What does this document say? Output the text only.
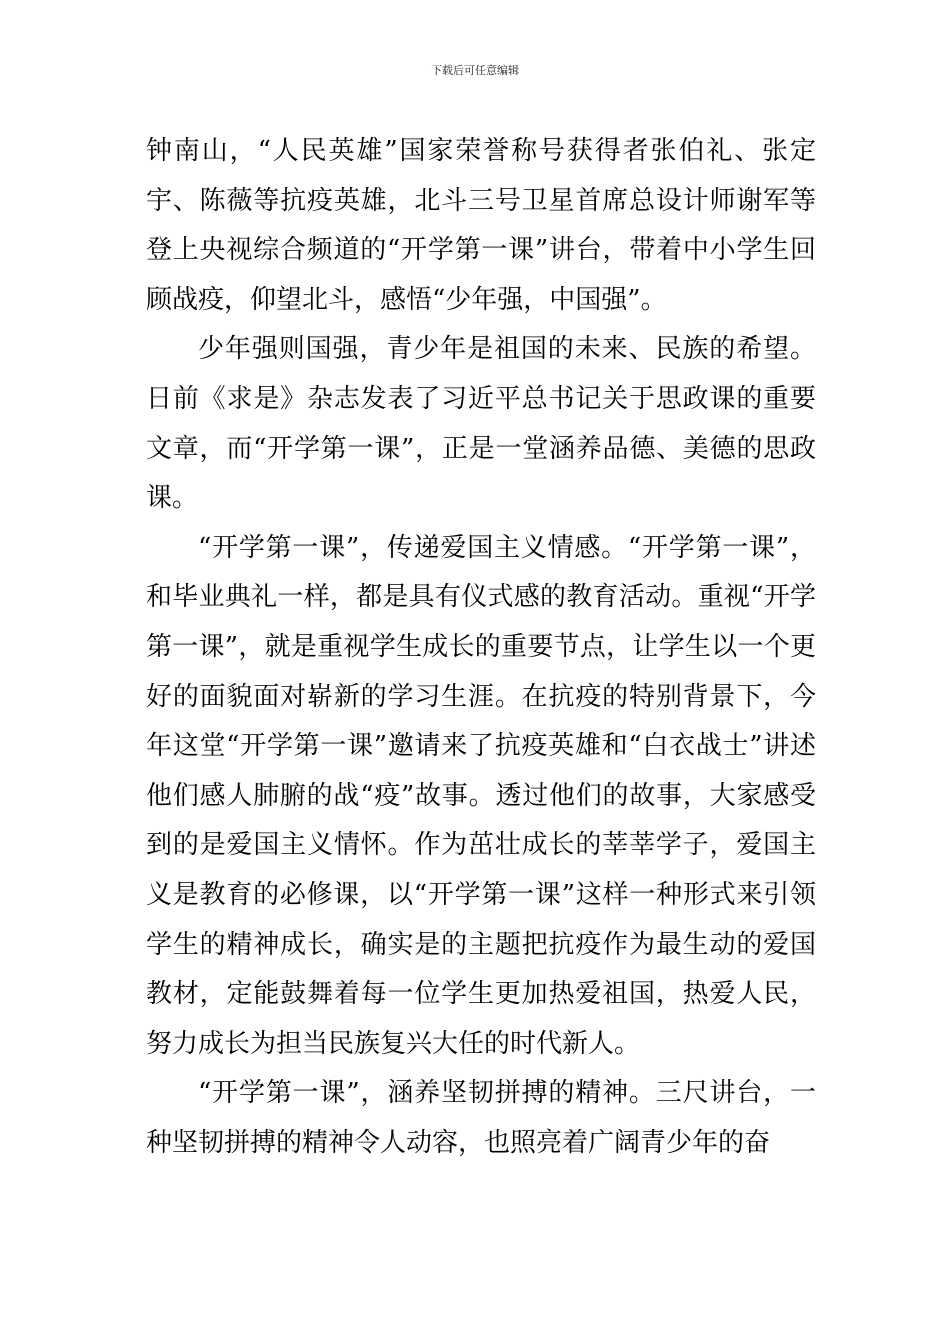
下载后可任意编辑

钟南山，“人民英雄”国家荣誉称号获得者张伯礼、张定宇、陈薇等抗疫英雄，北斗三号卫星首席总设计师谢军等登上央视综合频道的“开学第一课”讲台，带着中小学生回顾战疫，仰望北斗，感悟“少年强，中国强”。

少年强则国强，青少年是祖国的未来、民族的希望。日前《求是》杂志发表了习近平总书记关于思政课的重要文章，而“开学第一课”，正是一堂涵养品德、美德的思政课。

“开学第一课”，传递爱国主义情感。“开学第一课”，和毕业典礼一样，都是具有仪式感的教育活动。重视“开学第一课”，就是重视学生成长的重要节点，让学生以一个更好的面貌面对崭新的学习生涯。在抗疫的特别背景下，今年这堂“开学第一课”邀请来了抗疫英雄和“白衣战士”讲述他们感人肺腑的战“疫”故事。透过他们的故事，大家感受到的是爱国主义情怀。作为茁壮成长的莘莘学子，爱国主义是教育的必修课，以“开学第一课”这样一种形式来引领学生的精神成长，确实是的主题把抗疫作为最生动的爱国教材，定能鼓舞着每一位学生更加热爱祖国，热爱人民，努力成长为担当民族复兴大任的时代新人。

“开学第一课”，涵养坚韧拼搏的精神。三尺讲台，一种坚韧拼搏的精神令人动容，也照亮着广阔青少年的奋
